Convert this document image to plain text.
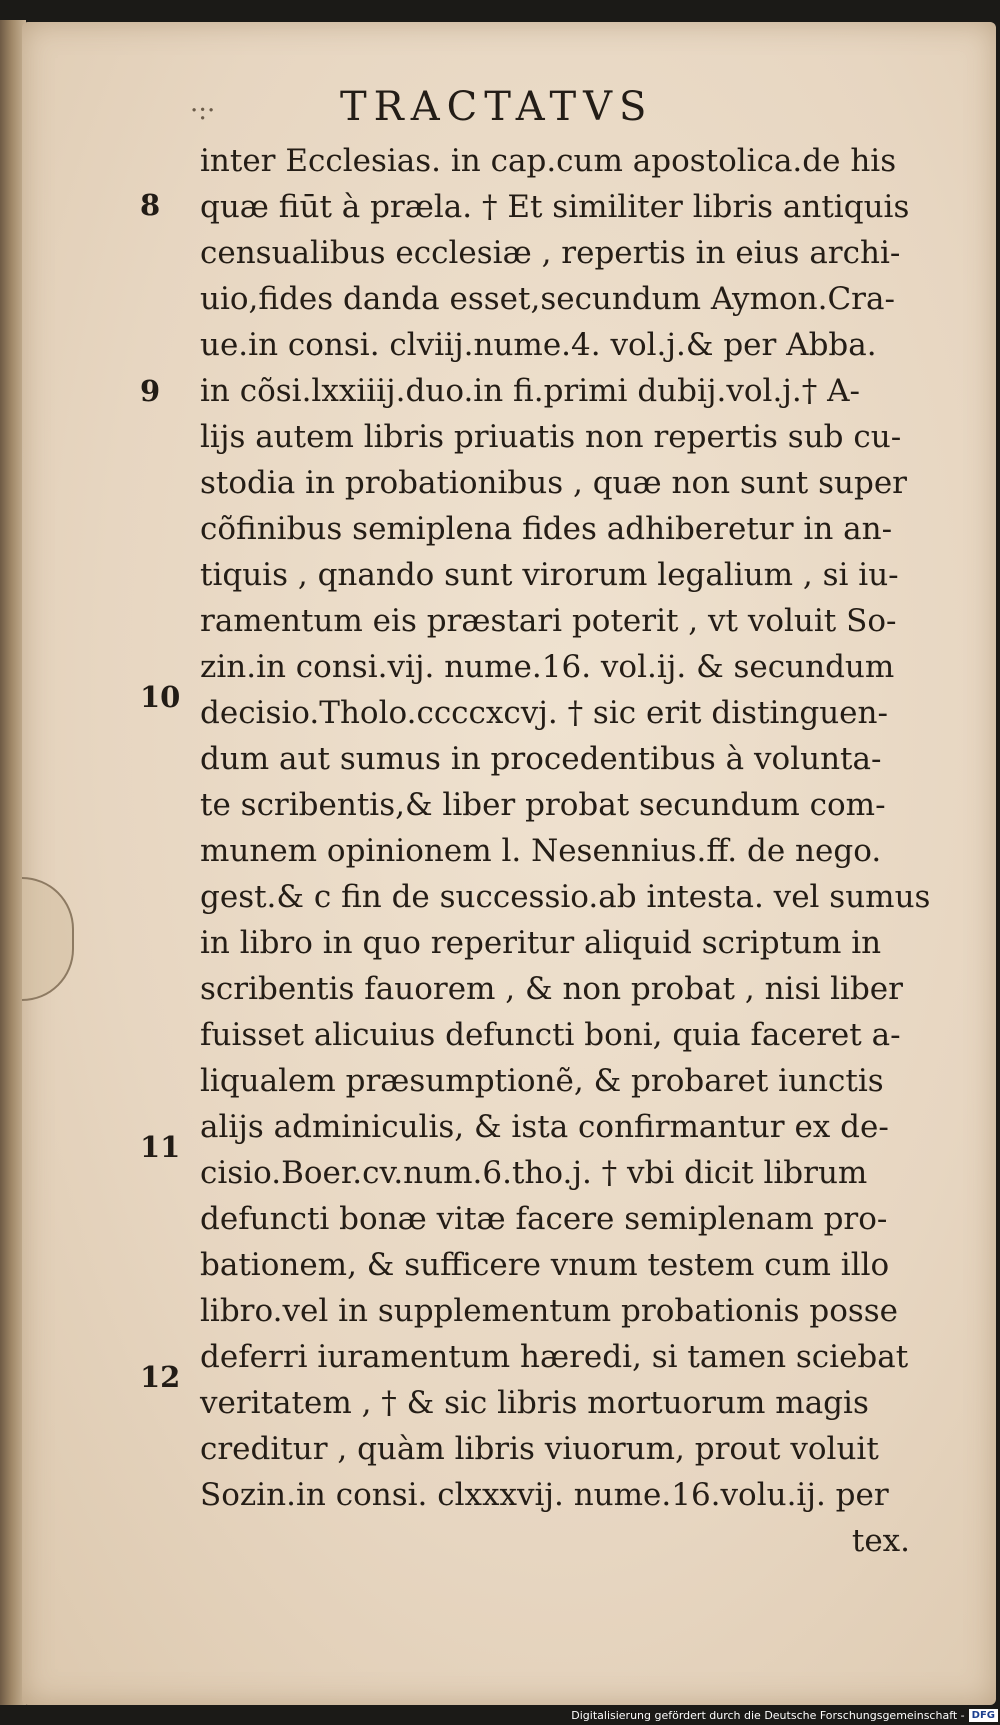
·:·	TRACTATVS
8
9
10
11
12
inter Ecclesias. in cap.cum apostolica.de his
quæ fiūt à præla. † Et similiter libris antiquis
censualibus ecclesiæ , repertis in eius archi-
uio,fides danda esset,secundum Aymon.Cra-
ue.in consi. clviij.nume.4. vol.j.& per Abba.
in cõsi.lxxiiij.duo.in fi.primi dubij.vol.j.† A-
lijs autem libris priuatis non repertis sub cu-
stodia in probationibus , quæ non sunt super
cõfinibus semiplena fides adhiberetur in an-
tiquis , qnando sunt virorum legalium , si iu-
ramentum eis præstari poterit , vt voluit So-
zin.in consi.vij. nume.16. vol.ij. & secundum
decisio.Tholo.ccccxcvj. † sic erit distinguen-
dum aut sumus in procedentibus à volunta-
te scribentis,& liber probat secundum com-
munem opinionem l. Nesennius.ff. de nego.
gest.& c fin de successio.ab intesta. vel sumus
in libro in quo reperitur aliquid scriptum in
scribentis fauorem , & non probat , nisi liber
fuisset alicuius defuncti boni, quia faceret a-
liqualem præsumptionẽ, & probaret iunctis
alijs adminiculis, & ista confirmantur ex de-
cisio.Boer.cv.num.6.tho.j. † vbi dicit librum
defuncti bonæ vitæ facere semiplenam pro-
bationem, & sufficere vnum testem cum illo
libro.vel in supplementum probationis posse
deferri iuramentum hæredi, si tamen sciebat
veritatem , † & sic libris mortuorum magis
creditur , quàm libris viuorum, prout voluit
Sozin.in consi. clxxxvij. nume.16.volu.ij. per
tex.
Digitalisierung gefördert durch die Deutsche Forschungsgemeinschaft - DFG
